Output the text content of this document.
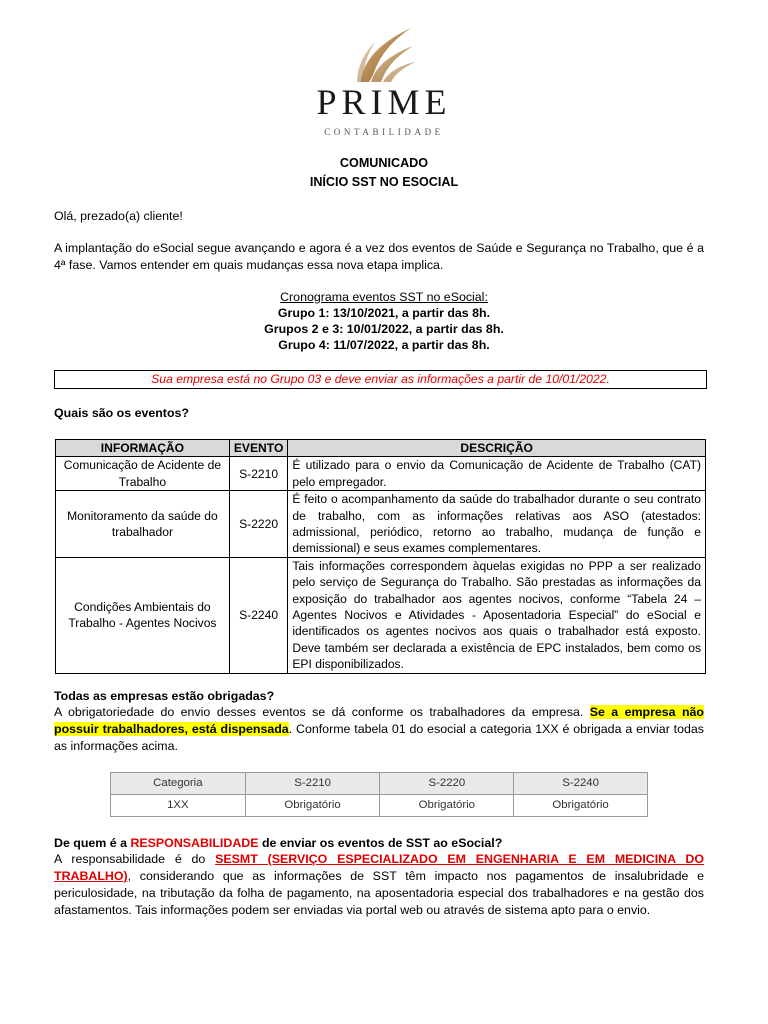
PRIME
CONTABILIDADE
COMUNICADO
INÍCIO SST NO ESOCIAL
Olá, prezado(a) cliente!
A implantação do eSocial segue avançando e agora é a vez dos eventos de Saúde e Segurança no Trabalho, que é a 4ª fase. Vamos entender em quais mudanças essa nova etapa implica.
Cronograma eventos SST no eSocial:
Grupo 1: 13/10/2021, a partir das 8h.
Grupos 2 e 3: 10/01/2022, a partir das 8h.
Grupo 4: 11/07/2022, a partir das 8h.
Sua empresa está no Grupo 03 e deve enviar as informações a partir de 10/01/2022.
Quais são os eventos?
INFORMAÇÃO	EVENTO	DESCRIÇÃO
Comunicação de Acidente de Trabalho	S-2210	É utilizado para o envio da Comunicação de Acidente de Trabalho (CAT) pelo empregador.
Monitoramento da saúde do trabalhador	S-2220	É feito o acompanhamento da saúde do trabalhador durante o seu contrato de trabalho, com as informações relativas aos ASO (atestados: admissional, periódico, retorno ao trabalho, mudança de função e demissional) e seus exames complementares.
Condições Ambientais do Trabalho - Agentes Nocivos	S-2240	Tais informações correspondem àquelas exigidas no PPP a ser realizado pelo serviço de Segurança do Trabalho. São prestadas as informações da exposição do trabalhador aos agentes nocivos, conforme “Tabela 24 – Agentes Nocivos e Atividades - Aposentadoria Especial” do eSocial e identificados os agentes nocivos aos quais o trabalhador está exposto. Deve também ser declarada a existência de EPC instalados, bem como os EPI disponibilizados.
Todas as empresas estão obrigadas?
A obrigatoriedade do envio desses eventos se dá conforme os trabalhadores da empresa. Se a empresa não possuir trabalhadores, está dispensada. Conforme tabela 01 do esocial a categoria 1XX é obrigada a enviar todas as informações acima.
Categoria	S-2210	S-2220	S-2240
1XX	Obrigatório	Obrigatório	Obrigatório
De quem é a RESPONSABILIDADE de enviar os eventos de SST ao eSocial?
A responsabilidade é do SESMT (SERVIÇO ESPECIALIZADO EM ENGENHARIA E EM MEDICINA DO TRABALHO), considerando que as informações de SST têm impacto nos pagamentos de insalubridade e periculosidade, na tributação da folha de pagamento, na aposentadoria especial dos trabalhadores e na gestão dos afastamentos. Tais informações podem ser enviadas via portal web ou através de sistema apto para o envio.
